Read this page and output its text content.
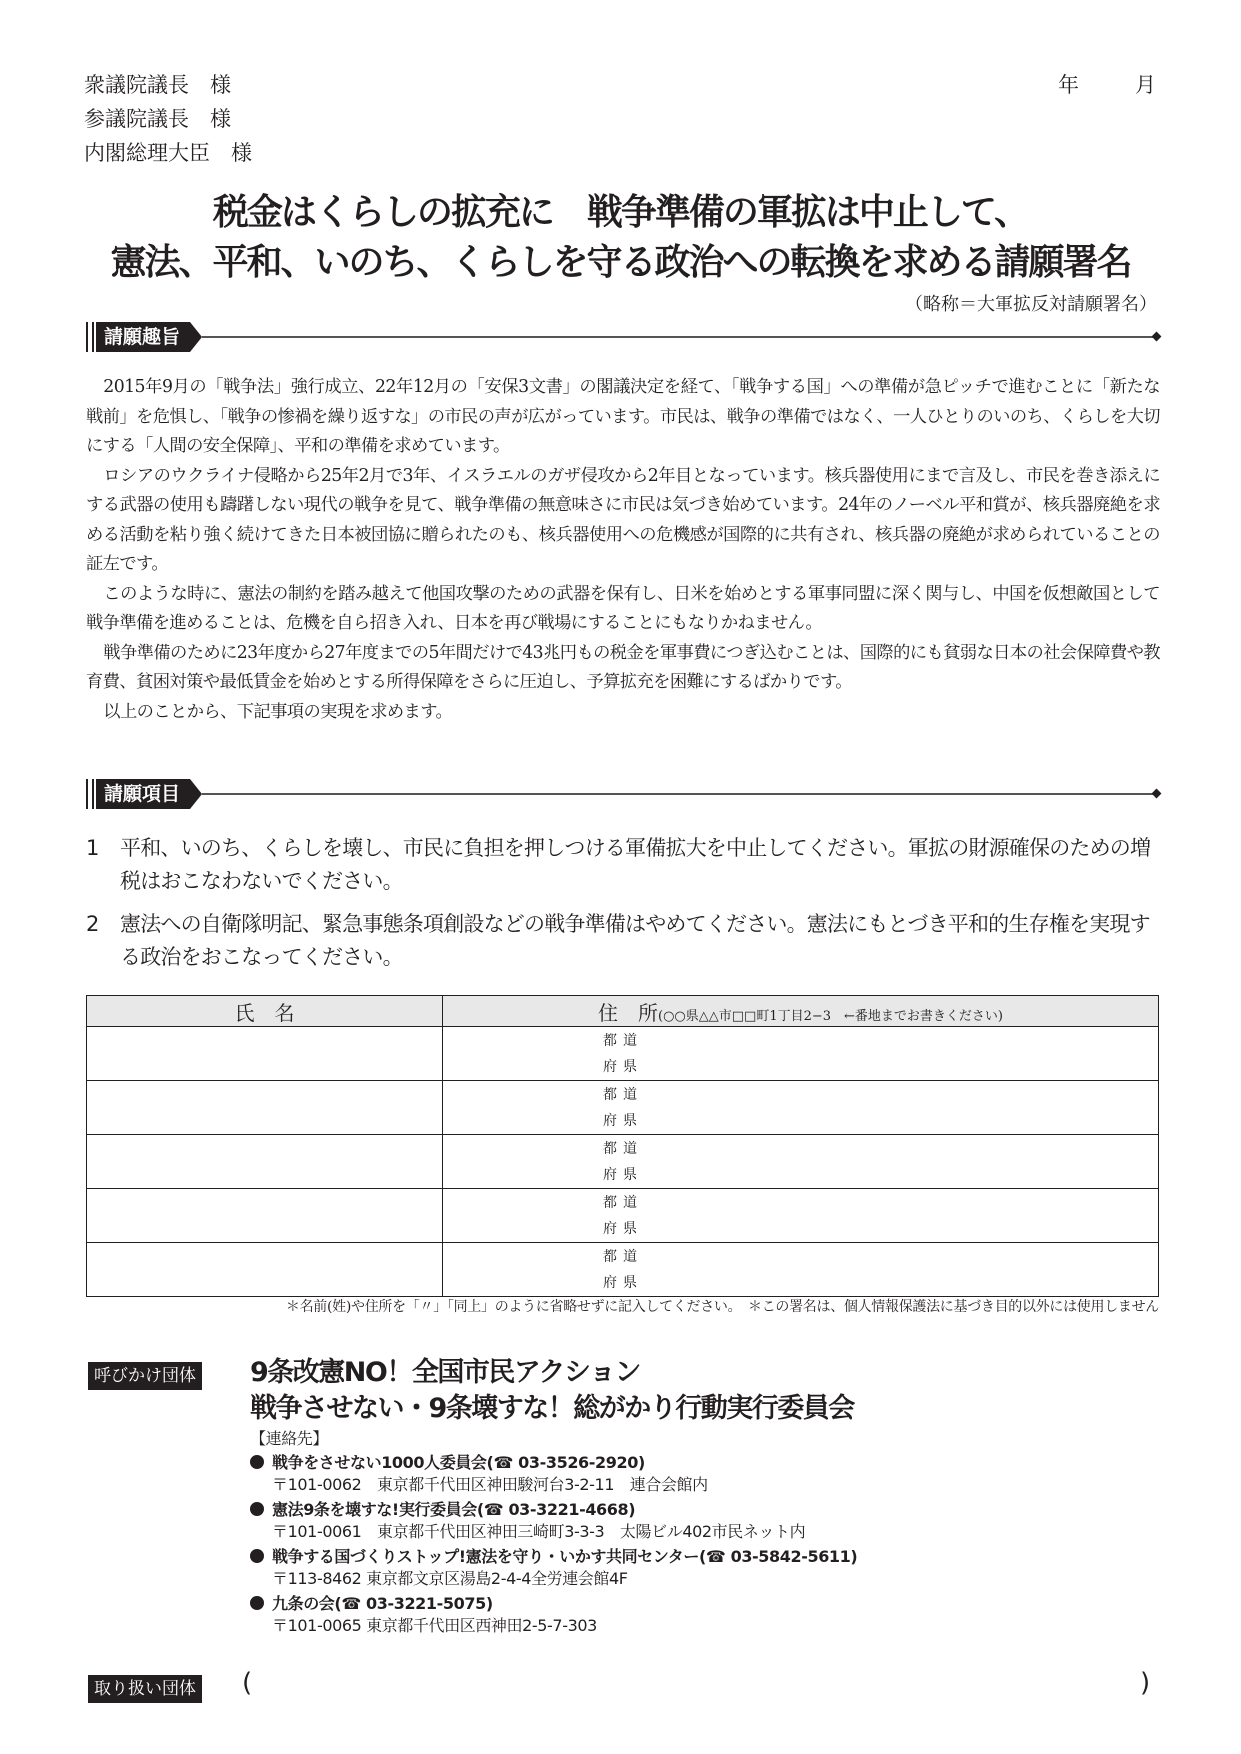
衆議院議長　様
参議院議長　様
内閣総理大臣　様
年	月
税金はくらしの拡充に　戦争準備の軍拡は中止して、
憲法、平和、いのち、くらしを守る政治への転換を求める請願署名
（略称＝大軍拡反対請願署名）
請願趣旨

2015年9月の「戦争法」強行成立、22年12月の「安保3文書」の閣議決定を経て、「戦争する国」への準備が急ピッチで進むことに「新たな戦前」を危惧し、「戦争の惨禍を繰り返すな」の市民の声が広がっています。市民は、戦争の準備ではなく、一人ひとりのいのち、くらしを大切にする「人間の安全保障」、平和の準備を求めています。

ロシアのウクライナ侵略から25年2月で3年、イスラエルのガザ侵攻から2年目となっています。核兵器使用にまで言及し、市民を巻き添えにする武器の使用も躊躇しない現代の戦争を見て、戦争準備の無意味さに市民は気づき始めています。24年のノーベル平和賞が、核兵器廃絶を求める活動を粘り強く続けてきた日本被団協に贈られたのも、核兵器使用への危機感が国際的に共有され、核兵器の廃絶が求められていることの証左です。

このような時に、憲法の制約を踏み越えて他国攻撃のための武器を保有し、日米を始めとする軍事同盟に深く関与し、中国を仮想敵国として戦争準備を進めることは、危機を自ら招き入れ、日本を再び戦場にすることにもなりかねません。

戦争準備のために23年度から27年度までの5年間だけで43兆円もの税金を軍事費につぎ込むことは、国際的にも貧弱な日本の社会保障費や教育費、貧困対策や最低賃金を始めとする所得保障をさらに圧迫し、予算拡充を困難にするばかりです。

以上のことから、下記事項の実現を求めます。

請願項目
1	平和、いのち、くらしを壊し、市民に負担を押しつける軍備拡大を中止してください。軍拡の財源確保のための増税はおこなわないでください。
2	憲法への自衛隊明記、緊急事態条項創設などの戦争準備はやめてください。憲法にもとづき平和的生存権を実現する政治をおこなってください。
氏　名	住　所(○○県△△市□□町1丁目2−3　←番地までお書きください)

	都道
府県

	都道
府県

	都道
府県

	都道
府県

	都道
府県
＊名前(姓)や住所を「〃」「同上」のように省略せずに記入してください。　＊この署名は、個人情報保護法に基づき目的以外には使用しません
呼びかけ団体 9条改憲NO！全国市民アクション
戦争させない・9条壊すな！総がかり行動実行委員会
【連絡先】
戦争をさせない1000人委員会(☎ 03-3526-2920)
〒101-0062　東京都千代田区神田駿河台3-2-11　連合会館内
憲法9条を壊すな!実行委員会(☎ 03-3221-4668)
〒101-0061　東京都千代田区神田三崎町3-3-3　太陽ビル402市民ネット内
戦争する国づくりストップ!憲法を守り・いかす共同センター(☎ 03-5842-5611)
〒113-8462 東京都文京区湯島2-4-4全労連会館4F
九条の会(☎ 03-3221-5075)
〒101-0065 東京都千代田区西神田2-5-7-303
取り扱い団体 (	)
